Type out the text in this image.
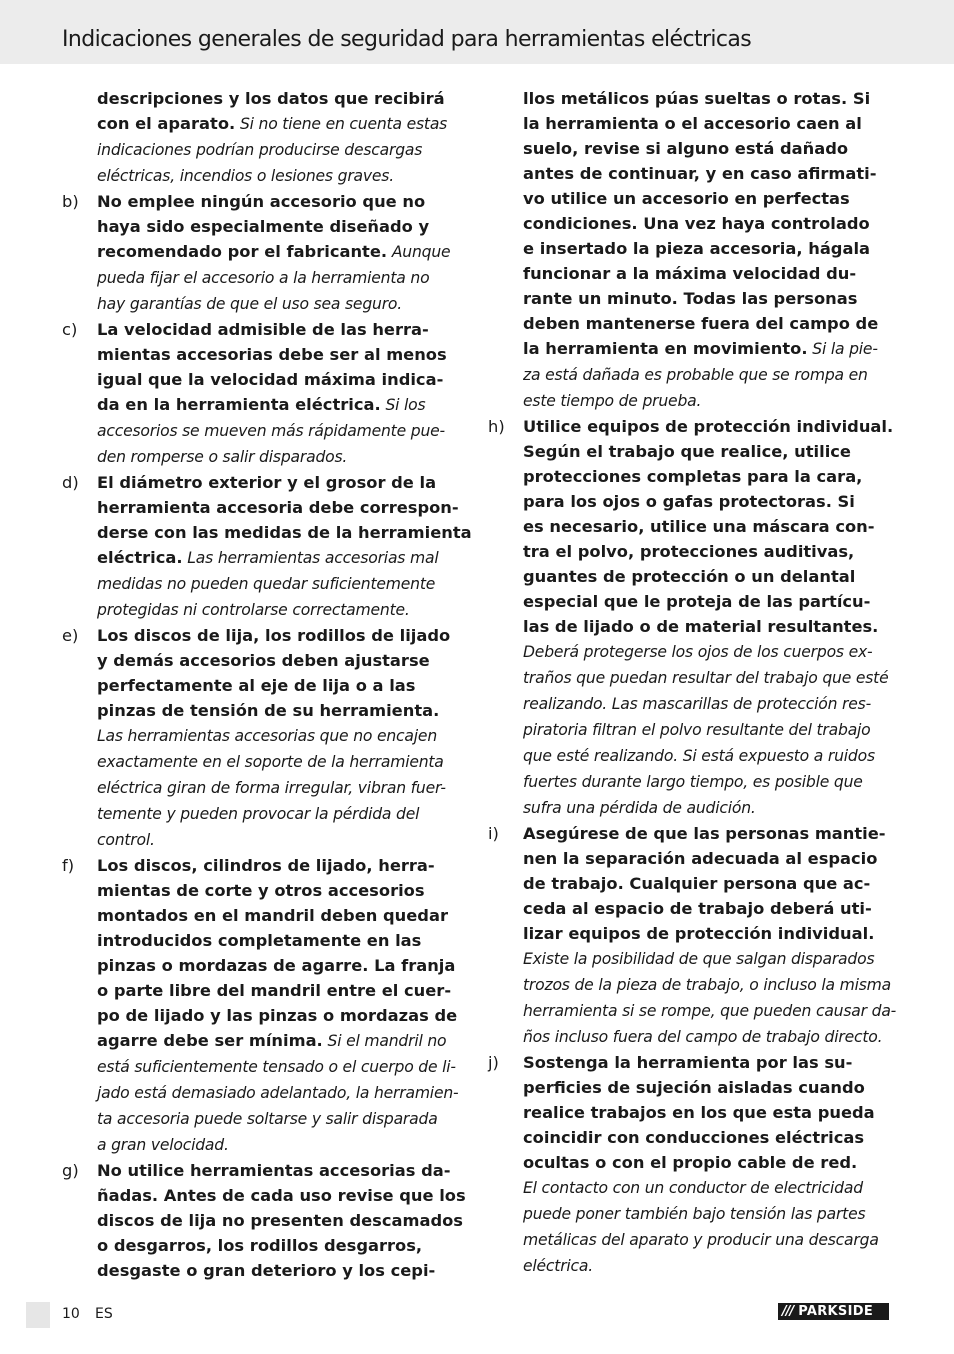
Indicaciones generales de seguridad para herramientas eléctricas
descripciones y los datos que recibirá
con el aparato. Si no tiene en cuenta estas
indicaciones podrían producirse descargas
eléctricas, incendios o lesiones graves.
b)	No emplee ningún accesorio que no
haya sido especialmente diseñado y
recomendado por el fabricante. Aunque
pueda fijar el accesorio a la herramienta no
hay garantías de que el uso sea seguro.
c)	La velocidad admisible de las herra-
mientas accesorias debe ser al menos
igual que la velocidad máxima indica-
da en la herramienta eléctrica. Si los
accesorios se mueven más rápidamente pue-
den romperse o salir disparados.
d)	El diámetro exterior y el grosor de la
herramienta accesoria debe correspon-
derse con las medidas de la herramienta
eléctrica. Las herramientas accesorias mal
medidas no pueden quedar suficientemente
protegidas ni controlarse correctamente.
e)	Los discos de lija, los rodillos de lijado
y demás accesorios deben ajustarse
perfectamente al eje de lija o a las
pinzas de tensión de su herramienta.
Las herramientas accesorias que no encajen
exactamente en el soporte de la herramienta
eléctrica giran de forma irregular, vibran fuer-
temente y pueden provocar la pérdida del
control.
f)	Los discos, cilindros de lijado, herra-
mientas de corte y otros accesorios
montados en el mandril deben quedar
introducidos completamente en las
pinzas o mordazas de agarre. La franja
o parte libre del mandril entre el cuer-
po de lijado y las pinzas o mordazas de
agarre debe ser mínima. Si el mandril no
está suficientemente tensado o el cuerpo de li-
jado está demasiado adelantado, la herramien-
ta accesoria puede soltarse y salir disparada
a gran velocidad.
g)	No utilice herramientas accesorias da-
ñadas. Antes de cada uso revise que los
discos de lija no presenten descamados
o desgarros, los rodillos desgarros,
desgaste o gran deterioro y los cepi-
llos metálicos púas sueltas o rotas. Si
la herramienta o el accesorio caen al
suelo, revise si alguno está dañado
antes de continuar, y en caso afirmati-
vo utilice un accesorio en perfectas
condiciones. Una vez haya controlado
e insertado la pieza accesoria, hágala
funcionar a la máxima velocidad du-
rante un minuto. Todas las personas
deben mantenerse fuera del campo de
la herramienta en movimiento. Si la pie-
za está dañada es probable que se rompa en
este tiempo de prueba.
h)	Utilice equipos de protección individual.
Según el trabajo que realice, utilice
protecciones completas para la cara,
para los ojos o gafas protectoras. Si
es necesario, utilice una máscara con-
tra el polvo, protecciones auditivas,
guantes de protección o un delantal
especial que le proteja de las partícu-
las de lijado o de material resultantes.
Deberá protegerse los ojos de los cuerpos ex-
traños que puedan resultar del trabajo que esté
realizando. Las mascarillas de protección res-
piratoria filtran el polvo resultante del trabajo
que esté realizando. Si está expuesto a ruidos
fuertes durante largo tiempo, es posible que
sufra una pérdida de audición.
i)	Asegúrese de que las personas mantie-
nen la separación adecuada al espacio
de trabajo. Cualquier persona que ac-
ceda al espacio de trabajo deberá uti-
lizar equipos de protección individual.
Existe la posibilidad de que salgan disparados
trozos de la pieza de trabajo, o incluso la misma
herramienta si se rompe, que pueden causar da-
ños incluso fuera del campo de trabajo directo.
j)	Sostenga la herramienta por las su-
perficies de sujeción aisladas cuando
realice trabajos en los que esta pueda
coincidir con conducciones eléctricas
ocultas o con el propio cable de red.
El contacto con un conductor de electricidad
puede poner también bajo tensión las partes
metálicas del aparato y producir una descarga
eléctrica.
10 ES	/// PARKSIDE
